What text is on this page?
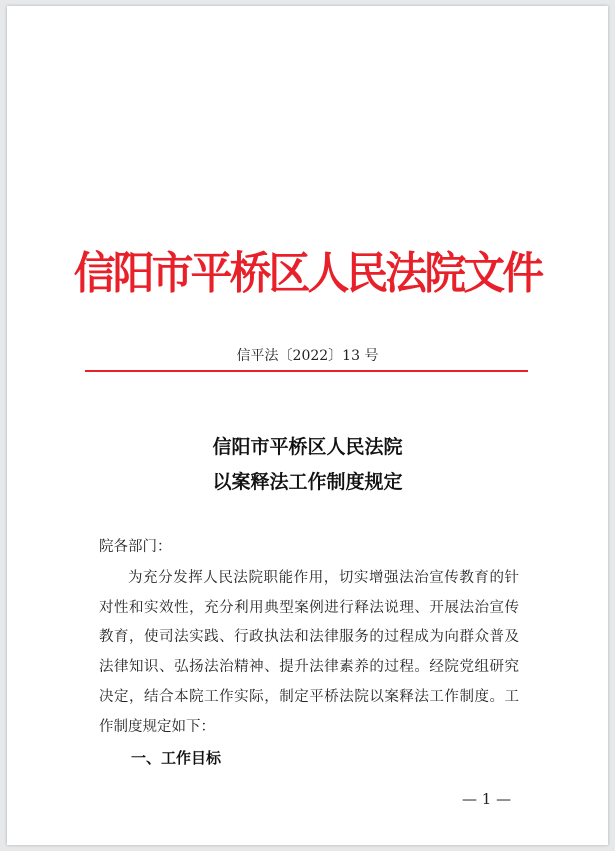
信阳市平桥区人民法院文件
信平法〔2022〕13 号
信阳市平桥区人民法院
以案释法工作制度规定
院各部门：

为充分发挥人民法院职能作用，切实增强法治宣传教育的针对性和实效性，充分利用典型案例进行释法说理、开展法治宣传教育，使司法实践、行政执法和法律服务的过程成为向群众普及法律知识、弘扬法治精神、提升法律素养的过程。经院党组研究决定，结合本院工作实际，制定平桥法院以案释法工作制度。工作制度规定如下：

一、工作目标
— 1 —
